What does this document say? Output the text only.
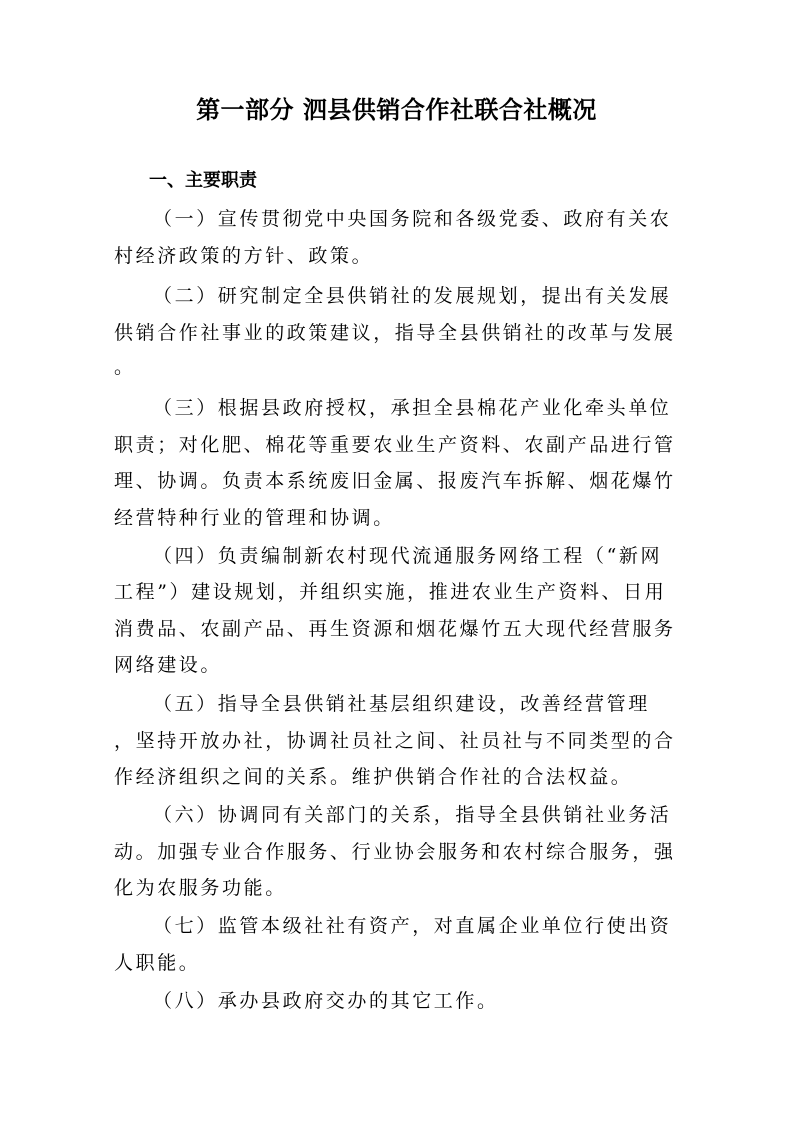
第一部分 泗县供销合作社联合社概况
一、主要职责
（一）宣传贯彻党中央国务院和各级党委、政府有关农
村经济政策的方针、政策。
（二）研究制定全县供销社的发展规划，提出有关发展
供销合作社事业的政策建议，指导全县供销社的改革与发展
。
（三）根据县政府授权，承担全县棉花产业化牵头单位
职责；对化肥、棉花等重要农业生产资料、农副产品进行管
理、协调。负责本系统废旧金属、报废汽车拆解、烟花爆竹
经营特种行业的管理和协调。
（四）负责编制新农村现代流通服务网络工程（“新网
工程”）建设规划，并组织实施，推进农业生产资料、日用
消费品、农副产品、再生资源和烟花爆竹五大现代经营服务
网络建设。
（五）指导全县供销社基层组织建设，改善经营管理
，坚持开放办社，协调社员社之间、社员社与不同类型的合
作经济组织之间的关系。维护供销合作社的合法权益。
（六）协调同有关部门的关系，指导全县供销社业务活
动。加强专业合作服务、行业协会服务和农村综合服务，强
化为农服务功能。
（七）监管本级社社有资产，对直属企业单位行使出资
人职能。
（八）承办县政府交办的其它工作。
